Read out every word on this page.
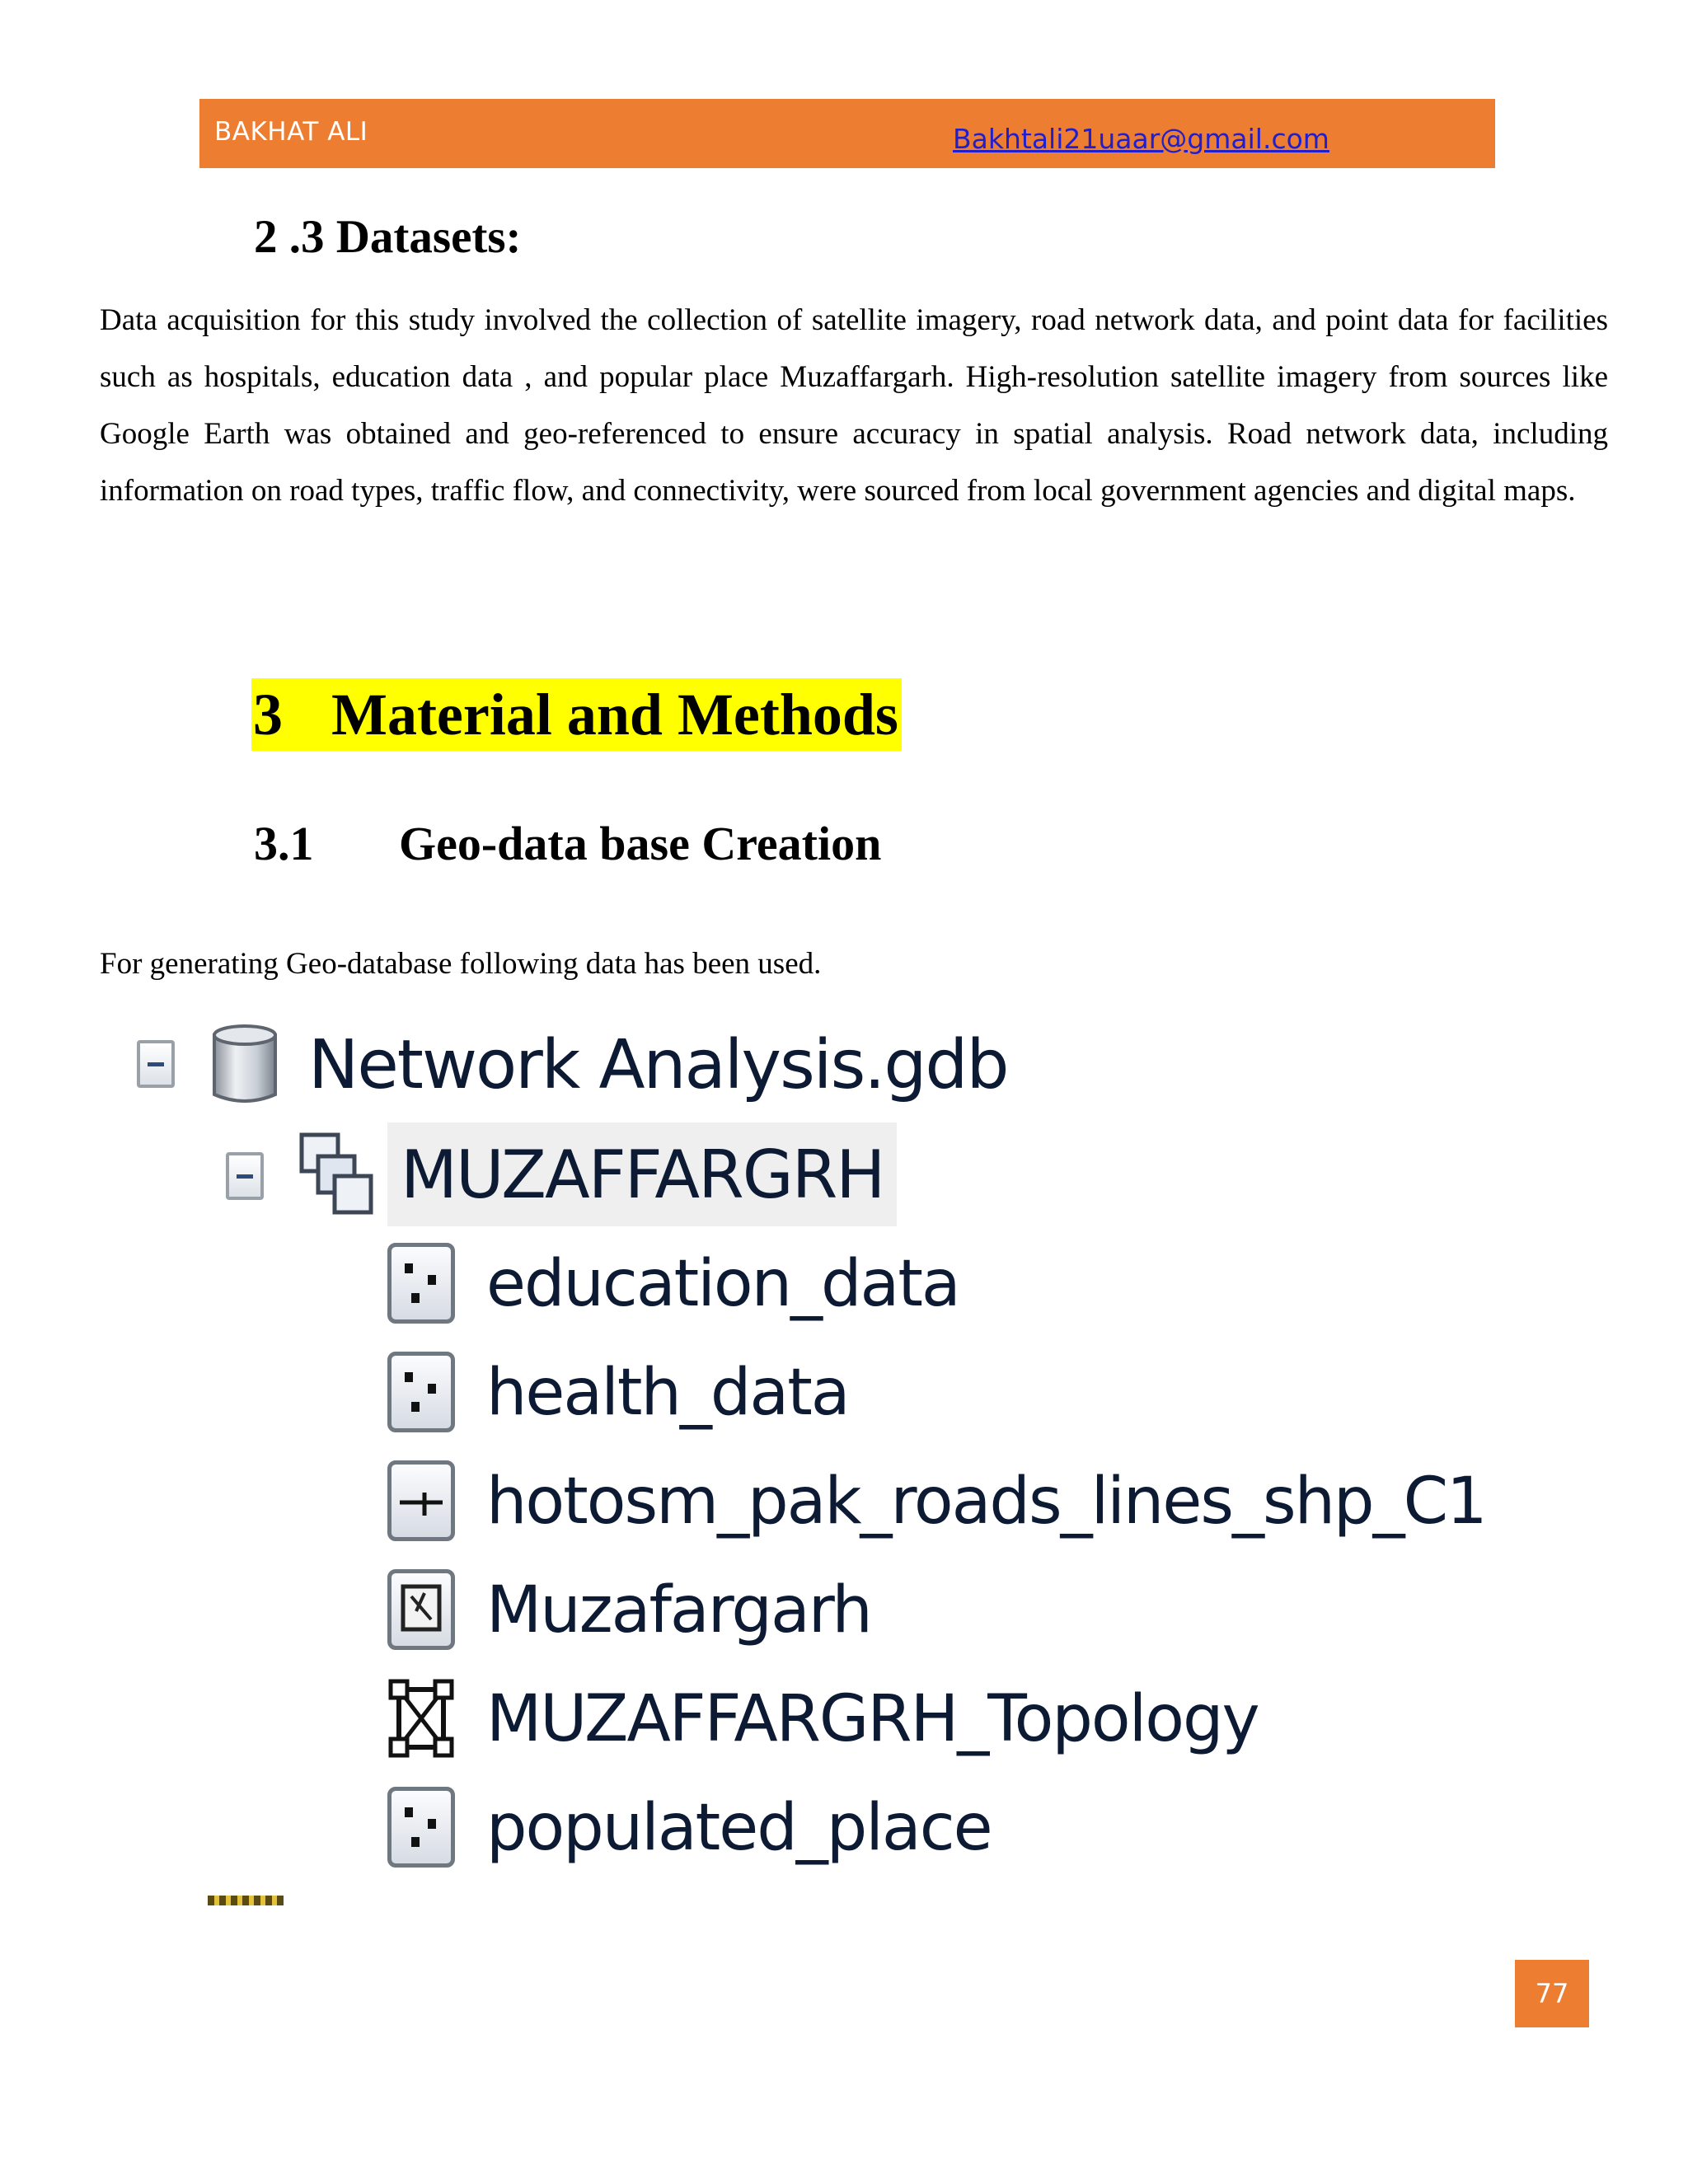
BAKHAT ALI	Bakhtali21uaar@gmail.com
2 .3 Datasets:

Data acquisition for this study involved the collection of satellite imagery, road network data, and point data for facilities such as hospitals, education data , and popular place Muzaffargarh. High-resolution satellite imagery from sources like Google Earth was obtained and geo-referenced to ensure accuracy in spatial analysis. Road network data, including information on road types, traffic flow, and connectivity, were sourced from local government agencies and digital maps.

3 Material and Methods
3.1 Geo-data base Creation

For generating Geo-database following data has been used.

Network Analysis.gdb
MUZAFFARGRH
education_data
health_data
hotosm_pak_roads_lines_shp_C1
Muzafargarh
MUZAFFARGRH_Topology
populated_place
77
